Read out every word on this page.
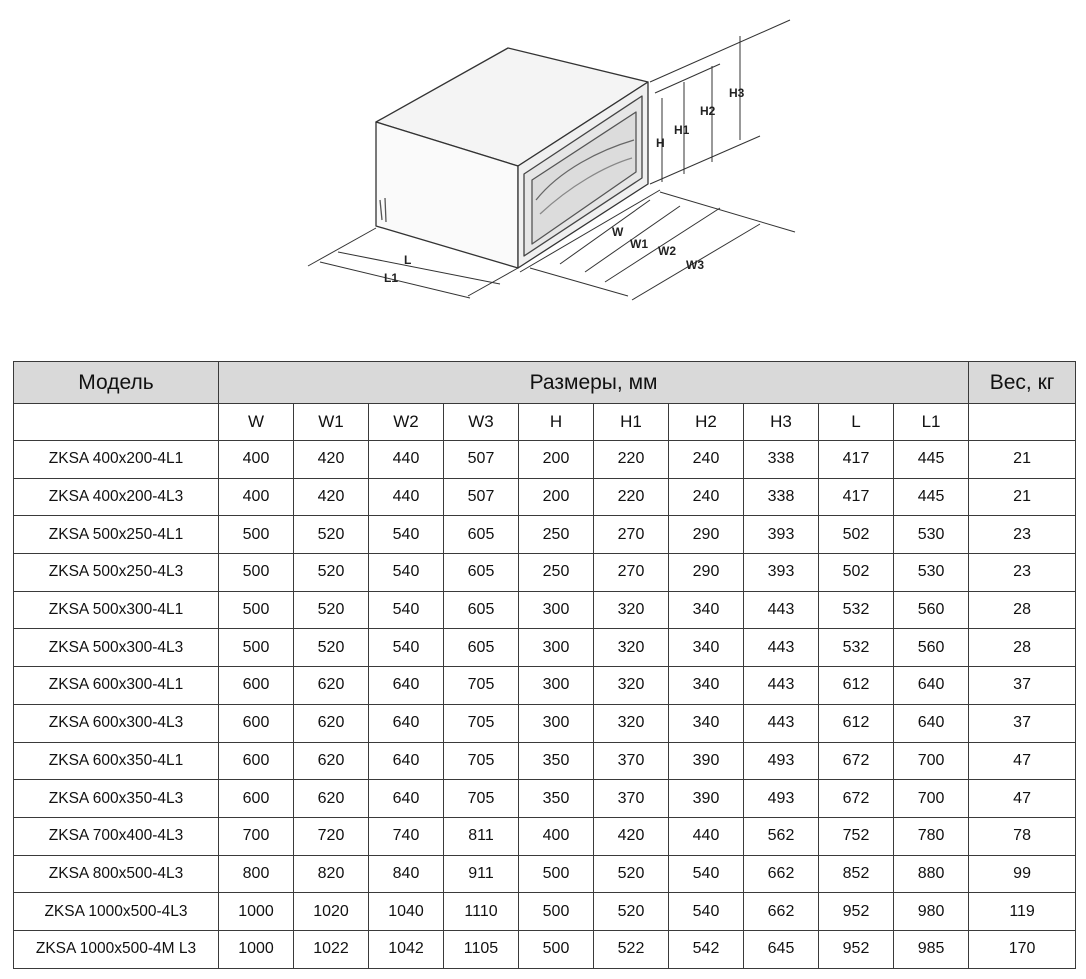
H
H1
H2
H3
W
W1 W2
W3
L
L1
Модель	Размеры, мм										Вес, кг
	W	W1	W2	W3	H	H1	H2	H3	L	L1	
ZKSA 400x200-4L1	400	420	440	507	200	220	240	338	417	445	21
ZKSA 400x200-4L3	400	420	440	507	200	220	240	338	417	445	21
ZKSA 500x250-4L1	500	520	540	605	250	270	290	393	502	530	23
ZKSA 500x250-4L3	500	520	540	605	250	270	290	393	502	530	23
ZKSA 500x300-4L1	500	520	540	605	300	320	340	443	532	560	28
ZKSA 500x300-4L3	500	520	540	605	300	320	340	443	532	560	28
ZKSA 600x300-4L1	600	620	640	705	300	320	340	443	612	640	37
ZKSA 600x300-4L3	600	620	640	705	300	320	340	443	612	640	37
ZKSA 600x350-4L1	600	620	640	705	350	370	390	493	672	700	47
ZKSA 600x350-4L3	600	620	640	705	350	370	390	493	672	700	47
ZKSA 700x400-4L3	700	720	740	811	400	420	440	562	752	780	78
ZKSA 800x500-4L3	800	820	840	911	500	520	540	662	852	880	99
ZKSA 1000x500-4L3	1000	1020	1040	1110	500	520	540	662	952	980	119
ZKSA 1000x500-4M L3	1000	1022	1042	1105	500	522	542	645	952	985	170
